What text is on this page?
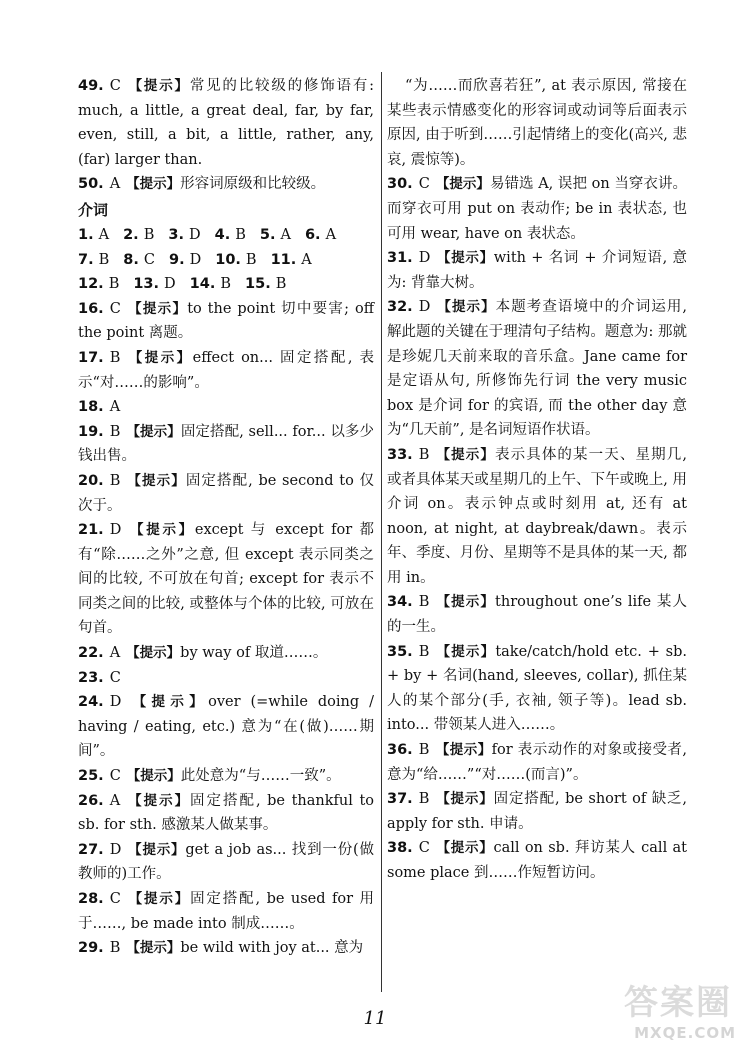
49. C 【提示】常见的比较级的修饰语有: much, a little, a great deal, far, by far, even, still, a bit, a little, rather, any, (far) larger than.
50. A 【提示】形容词原级和比较级。
介词
1. A 2. B 3. D 4. B 5. A 6. A
7. B 8. C 9. D 10. B 11. A
12. B 13. D 14. B 15. B
16. C 【提示】to the point 切中要害; off the point 离题。
17. B 【提示】effect on... 固定搭配, 表示“对……的影响”。
18. A
19. B 【提示】固定搭配, sell... for... 以多少钱出售。
20. B 【提示】固定搭配, be second to 仅次于。
21. D 【提示】except 与 except for 都有“除……之外”之意, 但 except 表示同类之间的比较, 不可放在句首; except for 表示不同类之间的比较, 或整体与个体的比较, 可放在句首。
22. A 【提示】by way of 取道……。
23. C
24. D 【提示】over (=while doing / having / eating, etc.) 意为“在(做)……期间”。
25. C 【提示】此处意为“与……一致”。
26. A 【提示】固定搭配, be thankful to sb. for sth. 感激某人做某事。
27. D 【提示】get a job as... 找到一份(做教师的)工作。
28. C 【提示】固定搭配, be used for 用于……, be made into 制成……。
29. B 【提示】be wild with joy at... 意为
“为……而欣喜若狂”, at 表示原因, 常接在某些表示情感变化的形容词或动词等后面表示原因, 由于听到……引起情绪上的变化(高兴, 悲哀, 震惊等)。
30. C 【提示】易错选 A, 误把 on 当穿衣讲。而穿衣可用 put on 表动作; be in 表状态, 也可用 wear, have on 表状态。
31. D 【提示】with + 名词 + 介词短语, 意为: 背靠大树。
32. D 【提示】本题考查语境中的介词运用, 解此题的关键在于理清句子结构。题意为: 那就是珍妮几天前来取的音乐盒。Jane came for 是定语从句, 所修饰先行词 the very music box 是介词 for 的宾语, 而 the other day 意为“几天前”, 是名词短语作状语。
33. B 【提示】表示具体的某一天、星期几, 或者具体某天或星期几的上午、下午或晚上, 用介词 on。表示钟点或时刻用 at, 还有 at noon, at night, at daybreak/dawn。表示年、季度、月份、星期等不是具体的某一天, 都用 in。
34. B 【提示】throughout one’s life 某人的一生。
35. B 【提示】take/catch/hold etc. + sb. + by + 名词(hand, sleeves, collar), 抓住某人的某个部分(手, 衣袖, 领子等)。lead sb. into... 带领某人进入……。
36. B 【提示】for 表示动作的对象或接受者, 意为“给……”“对……(而言)”。
37. B 【提示】固定搭配, be short of 缺乏, apply for sth. 申请。
38. C 【提示】call on sb. 拜访某人 call at some place 到……作短暂访问。
11	答案圈
MXQE.COM
